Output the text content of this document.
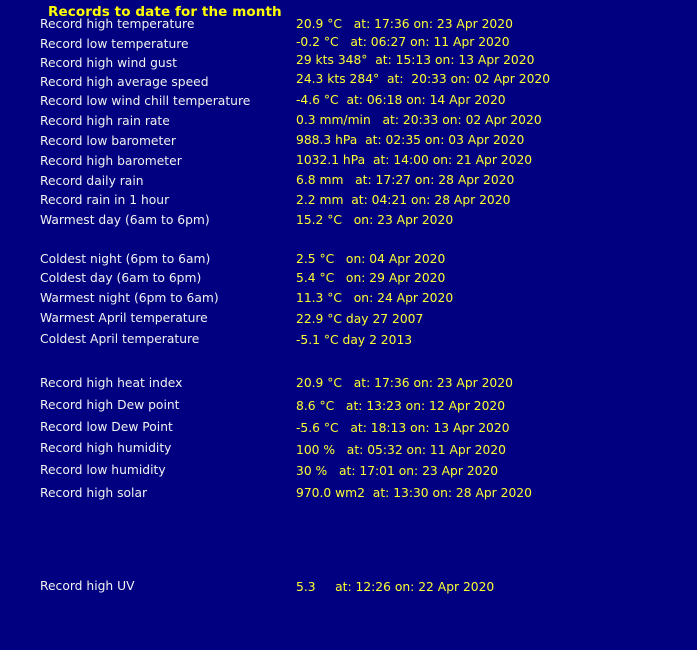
Records to date for the month
Record high temperature	20.9 °C   at: 17:36 on: 23 Apr 2020
Record low temperature	-0.2 °C   at: 06:27 on: 11 Apr 2020
Record high wind gust	29 kts 348°  at: 15:13 on: 13 Apr 2020
Record high average speed	24.3 kts 284°  at:  20:33 on: 02 Apr 2020
Record low wind chill temperature	-4.6 °C  at: 06:18 on: 14 Apr 2020
Record high rain rate	0.3 mm/min   at: 20:33 on: 02 Apr 2020
Record low barometer	988.3 hPa  at: 02:35 on: 03 Apr 2020
Record high barometer	1032.1 hPa  at: 14:00 on: 21 Apr 2020
Record daily rain	6.8 mm   at: 17:27 on: 28 Apr 2020
Record rain in 1 hour	2.2 mm  at: 04:21 on: 28 Apr 2020
Warmest day (6am to 6pm)	15.2 °C   on: 23 Apr 2020
Coldest night (6pm to 6am)	2.5 °C   on: 04 Apr 2020
Coldest day (6am to 6pm)	5.4 °C   on: 29 Apr 2020
Warmest night (6pm to 6am)	11.3 °C   on: 24 Apr 2020
Warmest April temperature	22.9 °C day 27 2007
Coldest April temperature	-5.1 °C day 2 2013
Record high heat index	20.9 °C   at: 17:36 on: 23 Apr 2020
Record high Dew point	8.6 °C   at: 13:23 on: 12 Apr 2020
Record low Dew Point	-5.6 °C   at: 18:13 on: 13 Apr 2020
Record high humidity	100 %   at: 05:32 on: 11 Apr 2020
Record low humidity	30 %   at: 17:01 on: 23 Apr 2020
Record high solar	970.0 wm2  at: 13:30 on: 28 Apr 2020
Record high UV	5.3     at: 12:26 on: 22 Apr 2020
